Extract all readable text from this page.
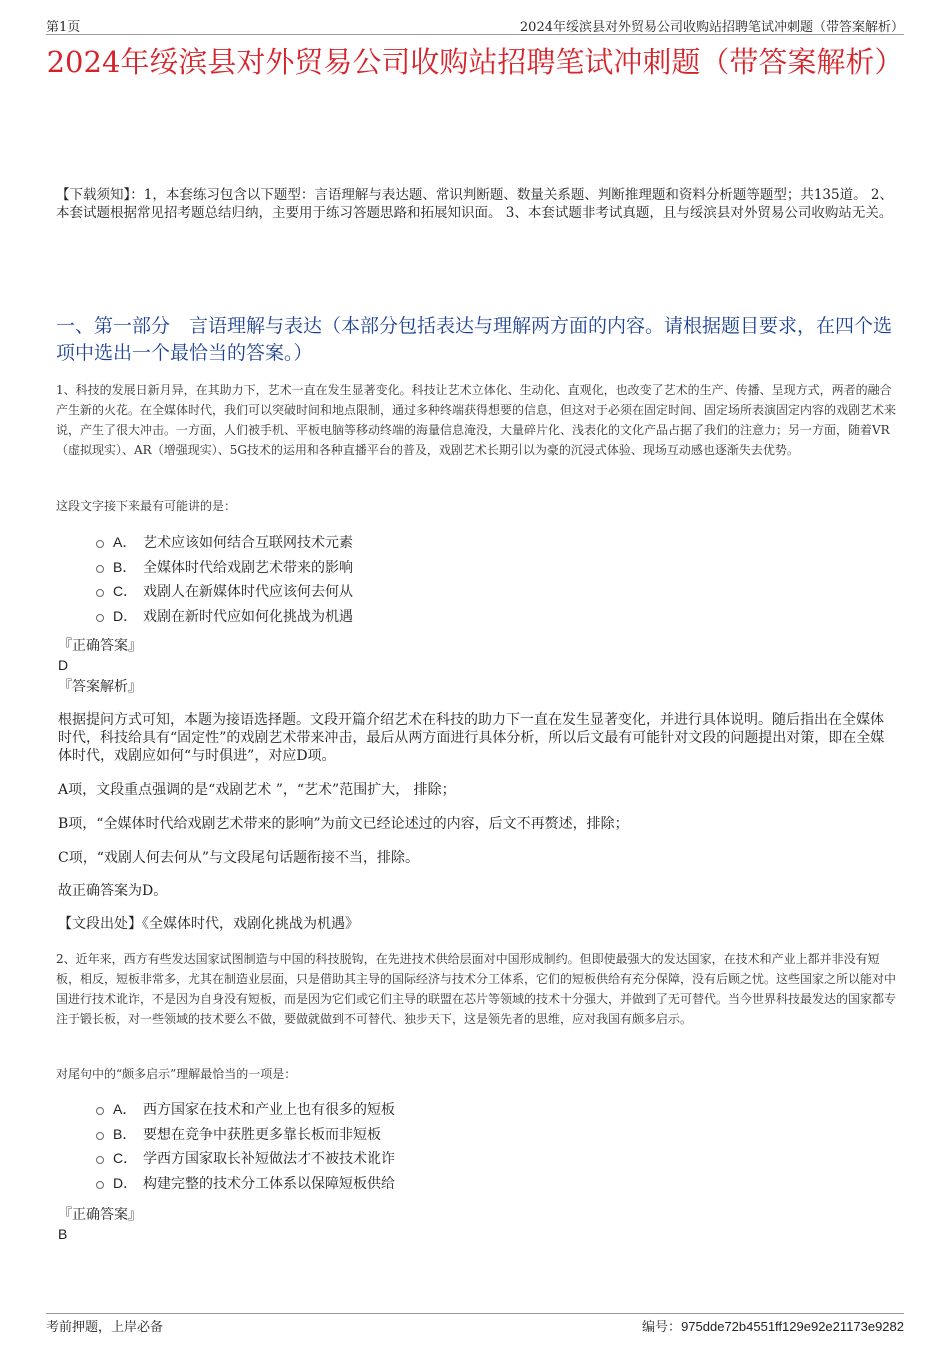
第1页	2024年绥滨县对外贸易公司收购站招聘笔试冲刺题（带答案解析）
2024年绥滨县对外贸易公司收购站招聘笔试冲刺题（带答案解析）

【下载须知】：1，本套练习包含以下题型：言语理解与表达题、常识判断题、数量关系题、判断推理题和资料分析题等题型；共135道。 2、本套试题根据常见招考题总结归纳，主要用于练习答题思路和拓展知识面。 3、本套试题非考试真题，且与绥滨县对外贸易公司收购站无关。

一、第一部分　言语理解与表达（本部分包括表达与理解两方面的内容。请根据题目要求，在四个选项中选出一个最恰当的答案。）

1、科技的发展日新月异，在其助力下，艺术一直在发生显著变化。科技让艺术立体化、生动化、直观化，也改变了艺术的生产、传播、呈现方式，两者的融合产生新的火花。在全媒体时代，我们可以突破时间和地点限制，通过多种终端获得想要的信息，但这对于必须在固定时间、固定场所表演固定内容的戏剧艺术来说，产生了很大冲击。一方面，人们被手机、平板电脑等移动终端的海量信息淹没，大量碎片化、浅表化的文化产品占据了我们的注意力；另一方面，随着VR（虚拟现实）、AR（增强现实）、5G技术的运用和各种直播平台的普及，戏剧艺术长期引以为豪的沉浸式体验、现场互动感也逐渐失去优势。

这段文字接下来最有可能讲的是：

A． 艺术应该如何结合互联网技术元素
B． 全媒体时代给戏剧艺术带来的影响
C． 戏剧人在新媒体时代应该何去何从
D． 戏剧在新时代应如何化挑战为机遇
『正确答案』
D
『答案解析』

根据提问方式可知，本题为接语选择题。文段开篇介绍艺术在科技的助力下一直在发生显著变化，并进行具体说明。随后指出在全媒体时代，科技给具有“固定性”的戏剧艺术带来冲击，最后从两方面进行具体分析，所以后文最有可能针对文段的问题提出对策，即在全媒体时代，戏剧应如何“与时俱进”，对应D项。

A项，文段重点强调的是“戏剧艺术 ”，“艺术”范围扩大， 排除；

B项，“全媒体时代给戏剧艺术带来的影响”为前文已经论述过的内容，后文不再赘述，排除；

C项，“戏剧人何去何从”与文段尾句话题衔接不当，排除。

故正确答案为D。

【文段出处】《全媒体时代，戏剧化挑战为机遇》

2、近年来，西方有些发达国家试图制造与中国的科技脱钩，在先进技术供给层面对中国形成制约。但即使最强大的发达国家，在技术和产业上都并非没有短板，相反，短板非常多，尤其在制造业层面，只是借助其主导的国际经济与技术分工体系，它们的短板供给有充分保障，没有后顾之忧。这些国家之所以能对中国进行技术讹诈，不是因为自身没有短板，而是因为它们或它们主导的联盟在芯片等领域的技术十分强大，并做到了无可替代。当今世界科技最发达的国家都专注于锻长板，对一些领域的技术要么不做，要做就做到不可替代、独步天下，这是领先者的思维，应对我国有颇多启示。

对尾句中的“颇多启示”理解最恰当的一项是：

A． 西方国家在技术和产业上也有很多的短板
B． 要想在竞争中获胜更多靠长板而非短板
C． 学西方国家取长补短做法才不被技术讹诈
D． 构建完整的技术分工体系以保障短板供给
『正确答案』
B
考前押题，上岸必备	编号：975dde72b4551ff129e92e21173e9282
